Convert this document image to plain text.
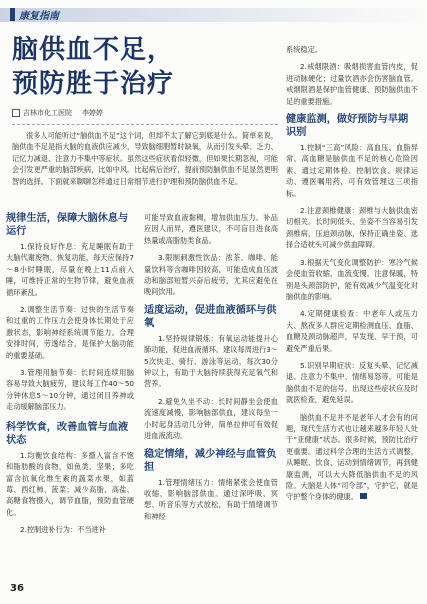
康复指南
脑供血不足，
预防胜于治疗
吉林市化工医院 李婷婷

很多人可能听过“脑供血不足”这个词，但却不太了解它到底是什么。简单来说，脑供血不足是指大脑的血液供应减少，导致脑细胞暂时缺氧，从而引发头晕、乏力、记忆力减退、注意力不集中等症状。虽然这些症状看似轻微，但如果长期忽视，可能会引发更严重的脑部疾病，比如中风。比起病后治疗，提前预防脑供血不足显然更明智的选择。下面就来聊聊怎样通过日常细节进行护理和预防脑供血不足。

规律生活，保障大脑休息与运行

1.保持良好作息：充足睡眠有助于大脑代谢废物、恢复功能，每天应保持7～8小时睡眠，尽量在晚上11点前入睡，可维持正常的生物节律，避免血液循环紊乱。

2.调整生活节奏：过快的生活节奏和过重的工作压力会使身体长期处于应激状态，影响神经系统调节能力。合理安排时间，劳逸结合，是保护大脑功能的重要基础。

3.管理用脑节奏：长时间连续用脑容易导致大脑疲劳，建议每工作40～50分钟休息5～10分钟，通过闭目养神或走动缓解脑部压力。

科学饮食，改善血管与血液状态

1.均衡饮食结构：多摄入富含不饱和脂肪酸的食物，如鱼类、坚果；多吃富含抗氧化维生素的蔬菜水果，如蓝莓、西红柿、菠菜；减少高脂、高盐、高糖食物摄入，调节血脂，预防血管硬化。

2.控制进补行为：不当进补

可能导致血液黏稠，增加供血压力。补品应因人而异，遵医建议，不可盲目进食高热量或高脂肪类食品。

3.限制刺激性饮品：浓茶、咖啡、能量饮料等含咖啡因较高，可能造成血压波动和脑部短暂兴奋后疲劳，尤其应避免在晚间饮用。

适度运动，促进血液循环与供氧

1.坚持规律锻炼：有氧运动能提升心肺功能，促进血液循环。建议每周进行3～5次快走、骑行、游泳等运动，每次30分钟以上，有助于大脑持续获得充足氧气和营养。

2.避免久坐不动：长时间静坐会使血流速度减慢，影响脑部供血，建议每坐一小时起身活动几分钟，简单拉伸可有效促进血液流动。

稳定情绪，减少神经与血管负担

1.管理情绪压力：情绪紧张会使血管收缩，影响脑部供血。通过深呼吸、冥想、听音乐等方式放松，有助于情绪调节和神经

系统稳定。

2.戒烟限酒：吸烟损害血管内皮，促进动脉硬化；过量饮酒亦会伤害脑血管。戒烟限酒是保护血管健康、预防脑供血不足的重要措施。

健康监测，做好预防与早期识别

1.控制“三高”风险：高血压、血脂异常、高血糖是脑供血不足的核心危险因素，通过定期体检、控制饮食、规律运动、遵医嘱用药，可有效管理这三项指标。

2.注意颈椎健康：颈椎与大脑供血密切相关。长时间低头、坐姿不当容易引发颈椎病，压迫颈动脉，保持正确坐姿、选择合适枕头可减少供血障碍。

3.根据天气变化调整防护：寒冷气候会使血管收缩，血流变慢。注意保暖，特别是头颈部防护，能有效减少气温变化对脑供血的影响。

4.定期健康检查：中老年人或压力大、熬夜多人群应定期检测血压、血脂、血糖及颈动脉超声，早发现、早干预，可避免严重后果。

5.识别早期症状：反复头晕、记忆减退、注意力不集中、情绪易怒等，可能是脑供血不足的信号。出现这些症状应及时就医检查，避免延误。

脑供血不足并不是老年人才会有的问题，现代生活方式也让越来越多年轻人处于“亚健康”状态。很多时候，预防比治疗更重要。通过科学合理的生活方式调整，从睡眠、饮食、运动到情绪调节，再到健康监测，可以大大降低脑供血不足的风险。大脑是人体“司令部”，守护它，就是守护整个身体的健康。

36
